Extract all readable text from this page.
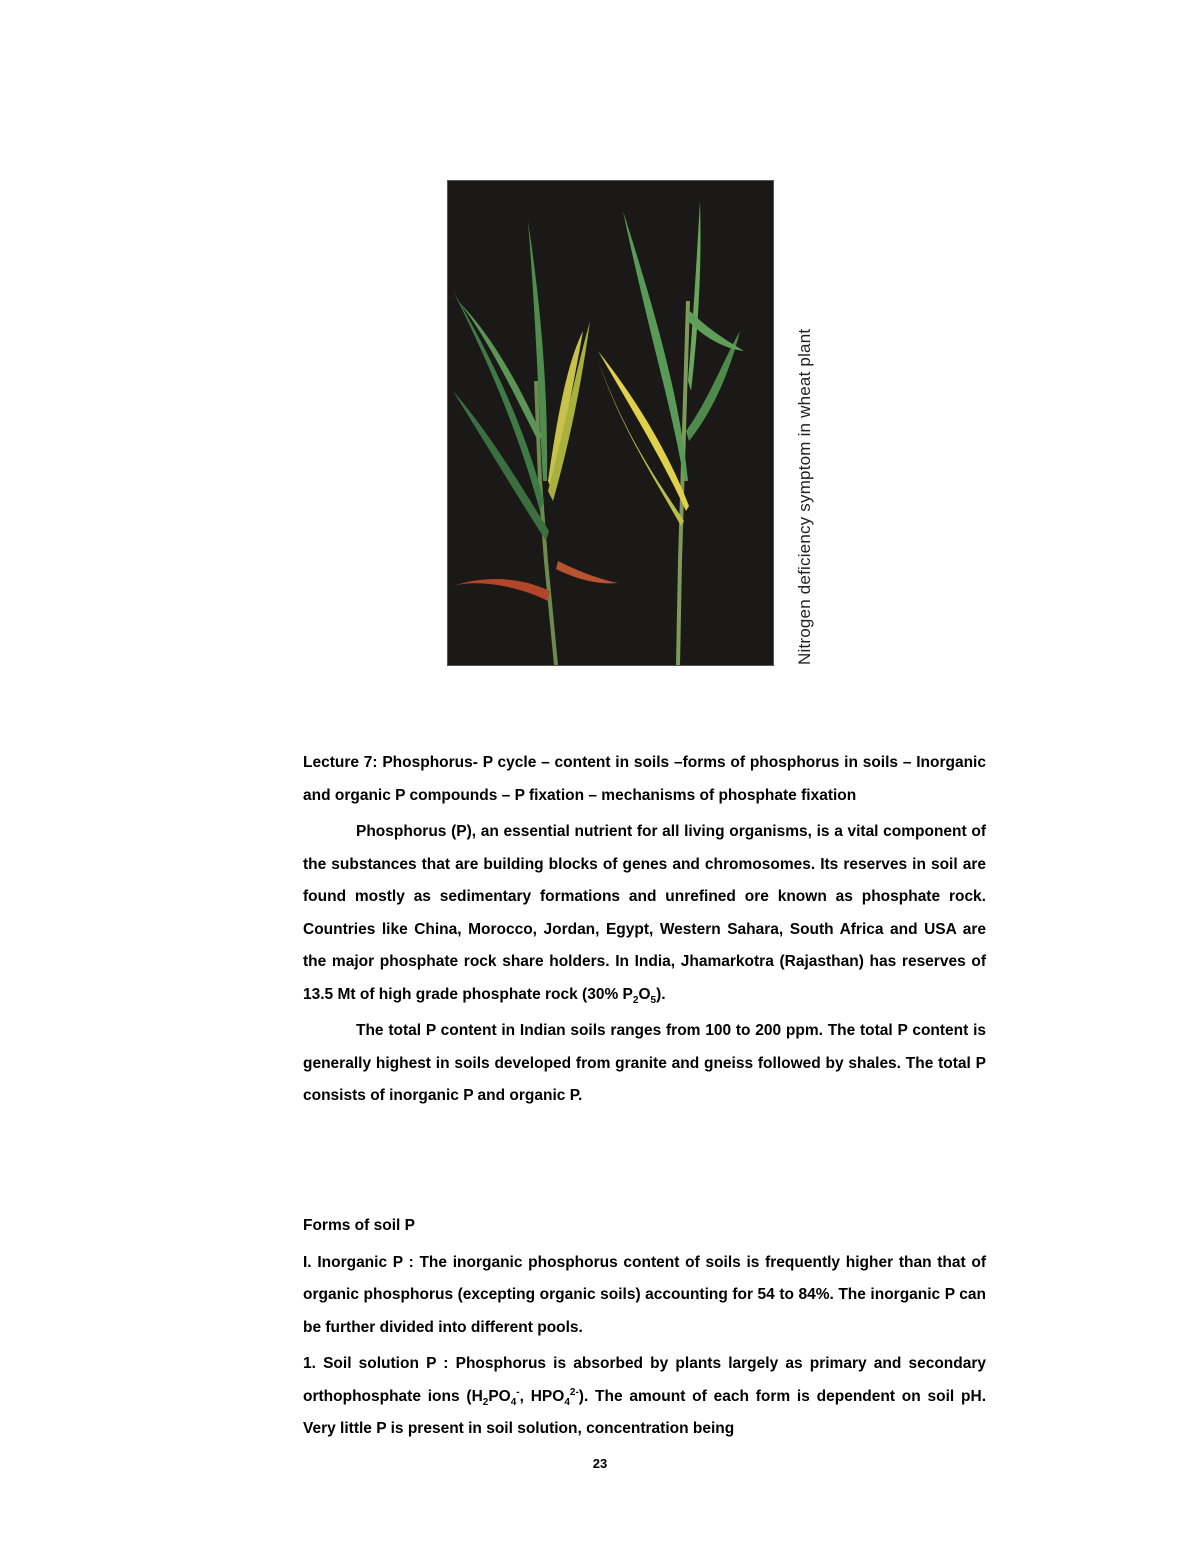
Nitrogen deficiency symptom in wheat plant

Lecture 7: Phosphorus- P cycle – content in soils –forms of phosphorus in soils – Inorganic and organic P compounds – P fixation – mechanisms of phosphate fixation

Phosphorus (P), an essential nutrient for all living organisms, is a vital component of the substances that are building blocks of genes and chromosomes. Its reserves in soil are found mostly as sedimentary formations and unrefined ore known as phosphate rock. Countries like China, Morocco, Jordan, Egypt, Western Sahara, South Africa and USA are the major phosphate rock share holders. In India, Jhamarkotra (Rajasthan) has reserves of 13.5 Mt of high grade phosphate rock (30% $P_2O_5$).

The total P content in Indian soils ranges from 100 to 200 ppm. The total P content is generally highest in soils developed from granite and gneiss followed by shales. The total P consists of inorganic P and organic P.

Forms of soil P

I. Inorganic P : The inorganic phosphorus content of soils is frequently higher than that of organic phosphorus (excepting organic soils) accounting for 54 to 84%. The inorganic P can be further divided into different pools.

1. Soil solution P : Phosphorus is absorbed by plants largely as primary and secondary orthophosphate ions ($H_2PO_4^-$, $HPO_4^{2-}$). The amount of each form is dependent on soil pH. Very little P is present in soil solution, concentration being

23
